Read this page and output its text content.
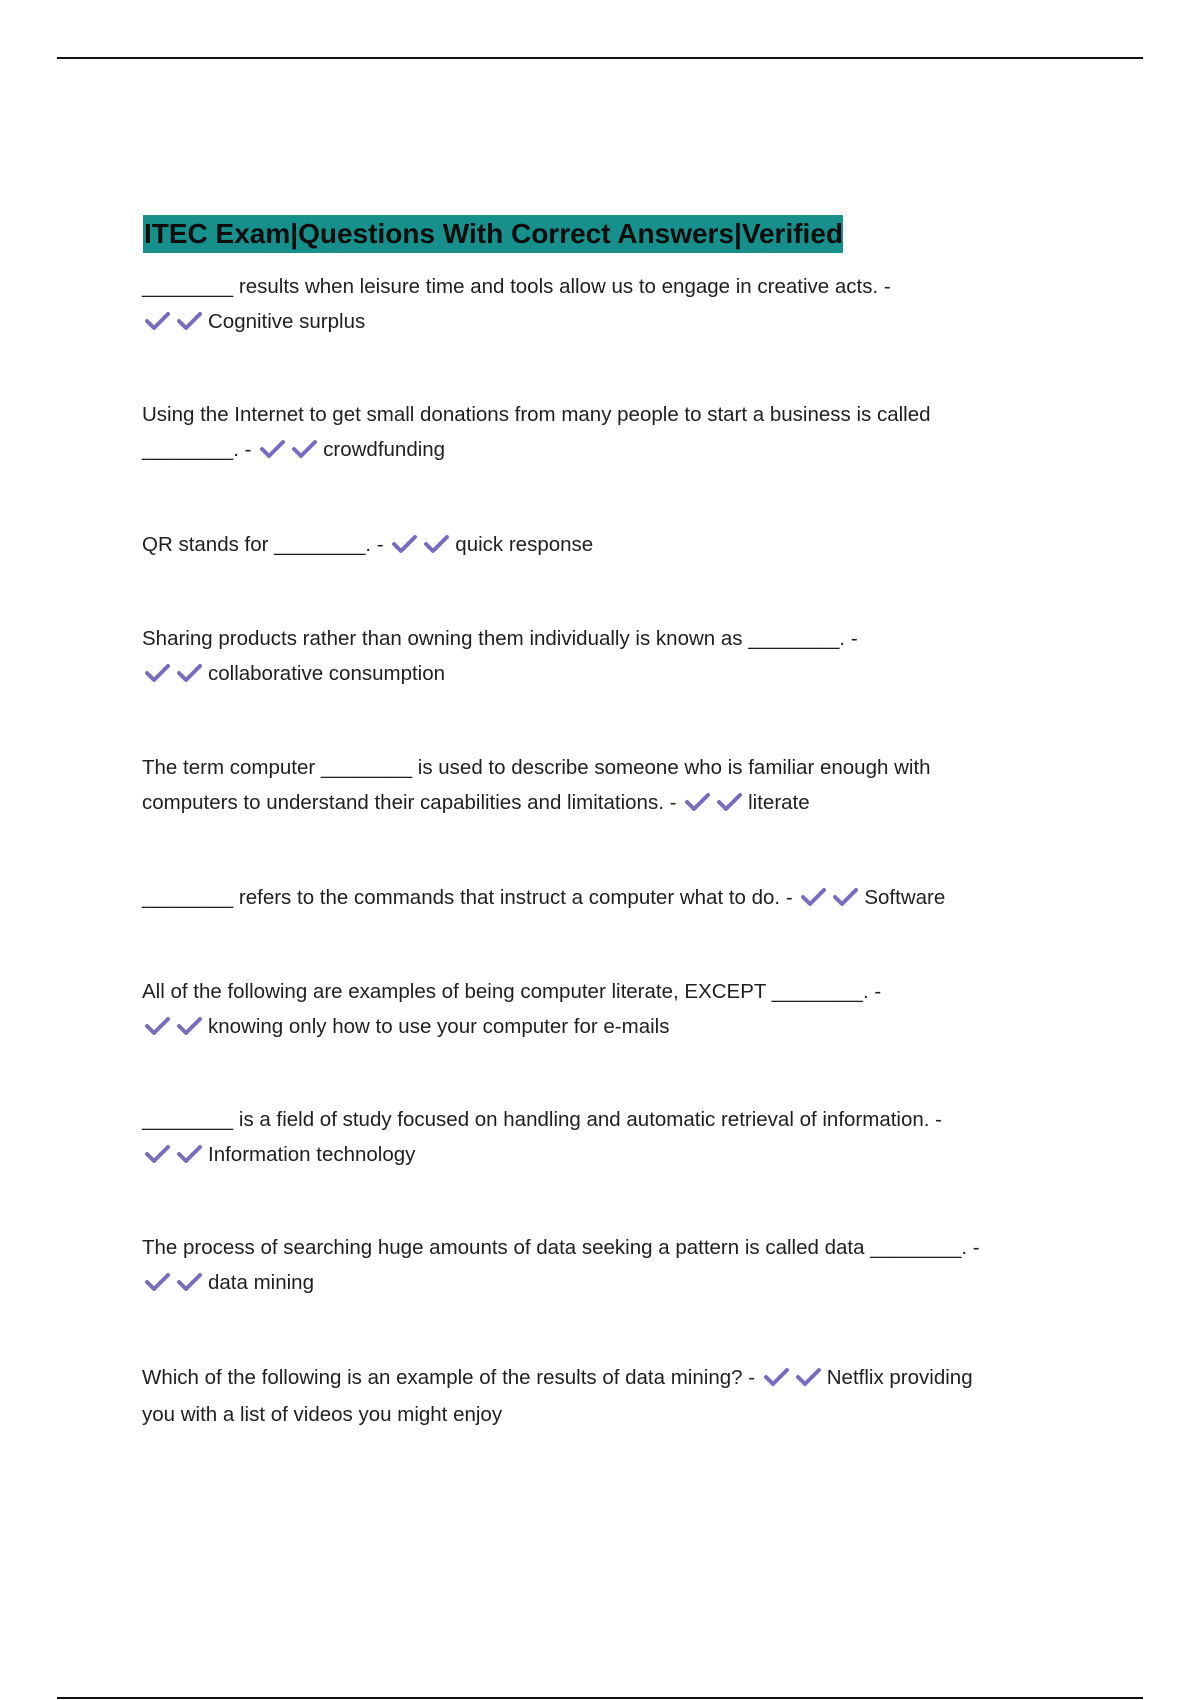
ITEC Exam|Questions With Correct Answers|Verified
________ results when leisure time and tools allow us to engage in creative acts. -
Cognitive surplus
Using the Internet to get small donations from many people to start a business is called
________. -	crowdfunding
QR stands for ________. -	quick response
Sharing products rather than owning them individually is known as ________. -
collaborative consumption
The term computer ________ is used to describe someone who is familiar enough with
computers to understand their capabilities and limitations. -	literate
________ refers to the commands that instruct a computer what to do. -	Software
All of the following are examples of being computer literate, EXCEPT ________. -
knowing only how to use your computer for e-mails
________ is a field of study focused on handling and automatic retrieval of information. -
Information technology
The process of searching huge amounts of data seeking a pattern is called data ________. -
data mining
Which of the following is an example of the results of data mining? -	Netflix providing
you with a list of videos you might enjoy
